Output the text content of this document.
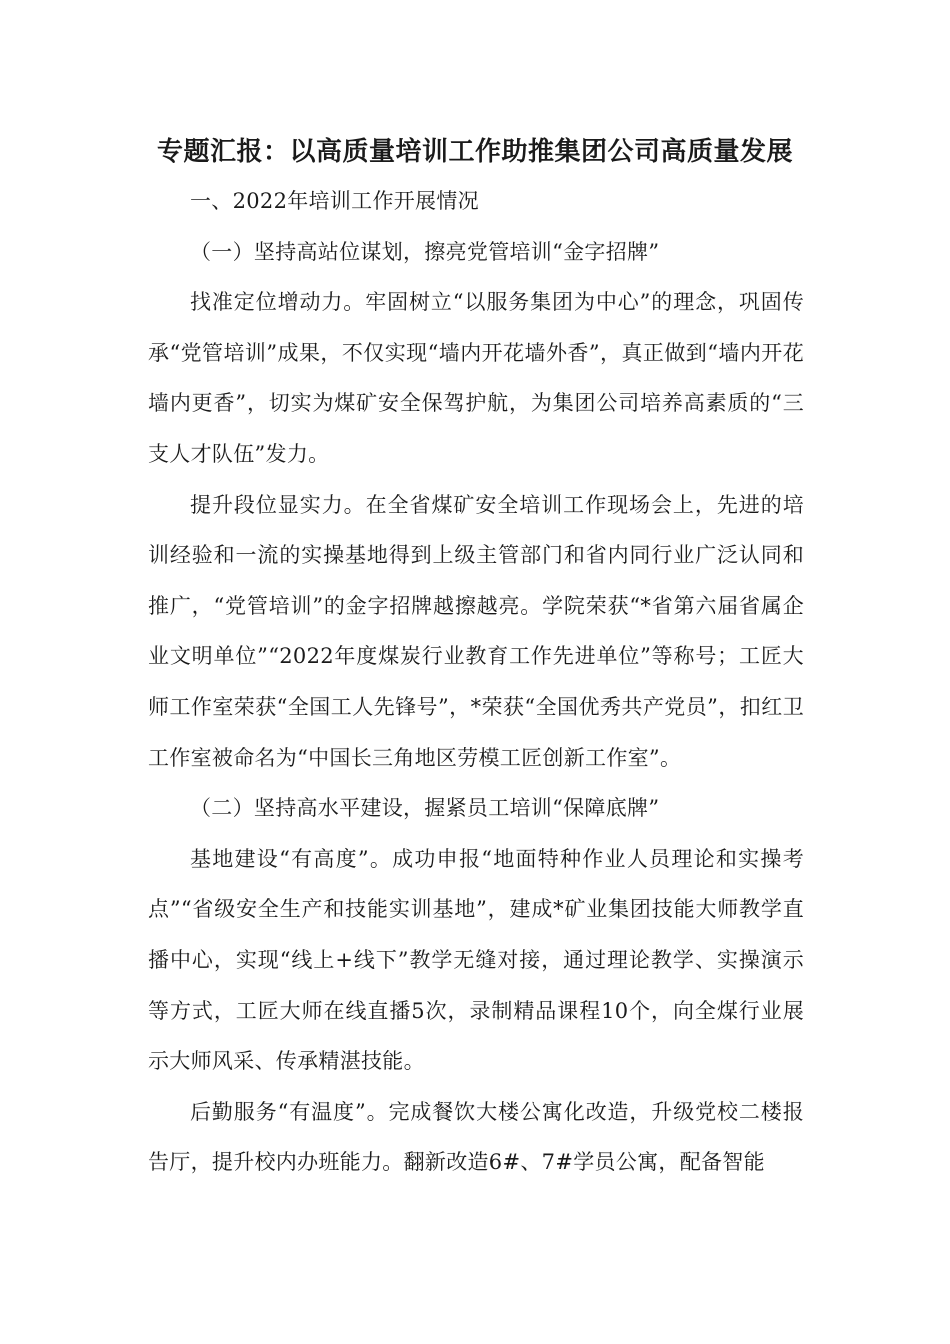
专题汇报：以高质量培训工作助推集团公司高质量发展

一、2022年培训工作开展情况

（一）坚持高站位谋划，擦亮党管培训“金字招牌”

找准定位增动力。牢固树立“以服务集团为中心”的理念，巩固传承“党管培训”成果，不仅实现“墙内开花墙外香”，真正做到“墙内开花墙内更香”，切实为煤矿安全保驾护航，为集团公司培养高素质的“三支人才队伍”发力。

提升段位显实力。在全省煤矿安全培训工作现场会上，先进的培训经验和一流的实操基地得到上级主管部门和省内同行业广泛认同和推广，“党管培训”的金字招牌越擦越亮。学院荣获“*省第六届省属企业文明单位”“2022年度煤炭行业教育工作先进单位”等称号；工匠大师工作室荣获“全国工人先锋号”，*荣获“全国优秀共产党员”，扣红卫工作室被命名为“中国长三角地区劳模工匠创新工作室”。

（二）坚持高水平建设，握紧员工培训“保障底牌”

基地建设“有高度”。成功申报“地面特种作业人员理论和实操考点”“省级安全生产和技能实训基地”，建成*矿业集团技能大师教学直播中心，实现“线上+线下”教学无缝对接，通过理论教学、实操演示等方式，工匠大师在线直播5次，录制精品课程10个，向全煤行业展示大师风采、传承精湛技能。

后勤服务“有温度”。完成餐饮大楼公寓化改造，升级党校二楼报告厅，提升校内办班能力。翻新改造6#、7#学员公寓，配备智能
